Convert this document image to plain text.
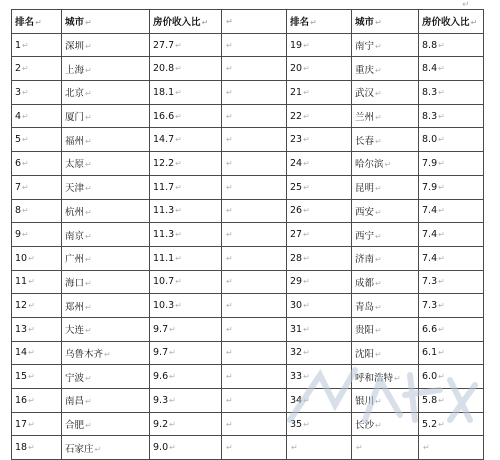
↵
排名↵	城市↵	房价收入比↵	↵	排名↵	城市↵	房价收入比↵
1↵	深圳↵	27.7↵	↵	19↵	南宁↵	8.8↵
2↵	上海↵	20.8↵	↵	20↵	重庆↵	8.4↵
3↵	北京↵	18.1↵	↵	21↵	武汉↵	8.3↵
4↵	厦门↵	16.6↵	↵	22↵	兰州↵	8.3↵
5↵	福州↵	14.7↵	↵	23↵	长春↵	8.0↵
6↵	太原↵	12.2↵	↵	24↵	哈尔滨↵	7.9↵
7↵	天津↵	11.7↵	↵	25↵	昆明↵	7.9↵
8↵	杭州↵	11.3↵	↵	26↵	西安↵	7.4↵
9↵	南京↵	11.3↵	↵	27↵	西宁↵	7.4↵
10↵	广州↵	11.1↵	↵	28↵	济南↵	7.4↵
11↵	海口↵	10.7↵	↵	29↵	成都↵	7.3↵
12↵	郑州↵	10.3↵	↵	30↵	青岛↵	7.3↵
13↵	大连↵	9.7↵	↵	31↵	贵阳↵	6.6↵
14↵	乌鲁木齐↵	9.7↵	↵	32↵	沈阳↵	6.1↵
15↵	宁波↵	9.6↵	↵	33↵	呼和浩特↵	6.0↵
16↵	南昌↵	9.3↵	↵	34↵	银川↵	5.8↵
17↵	合肥↵	9.2↵	↵	35↵	长沙↵	5.2↵
18↵	石家庄↵	9.0↵	↵	↵	↵	↵
